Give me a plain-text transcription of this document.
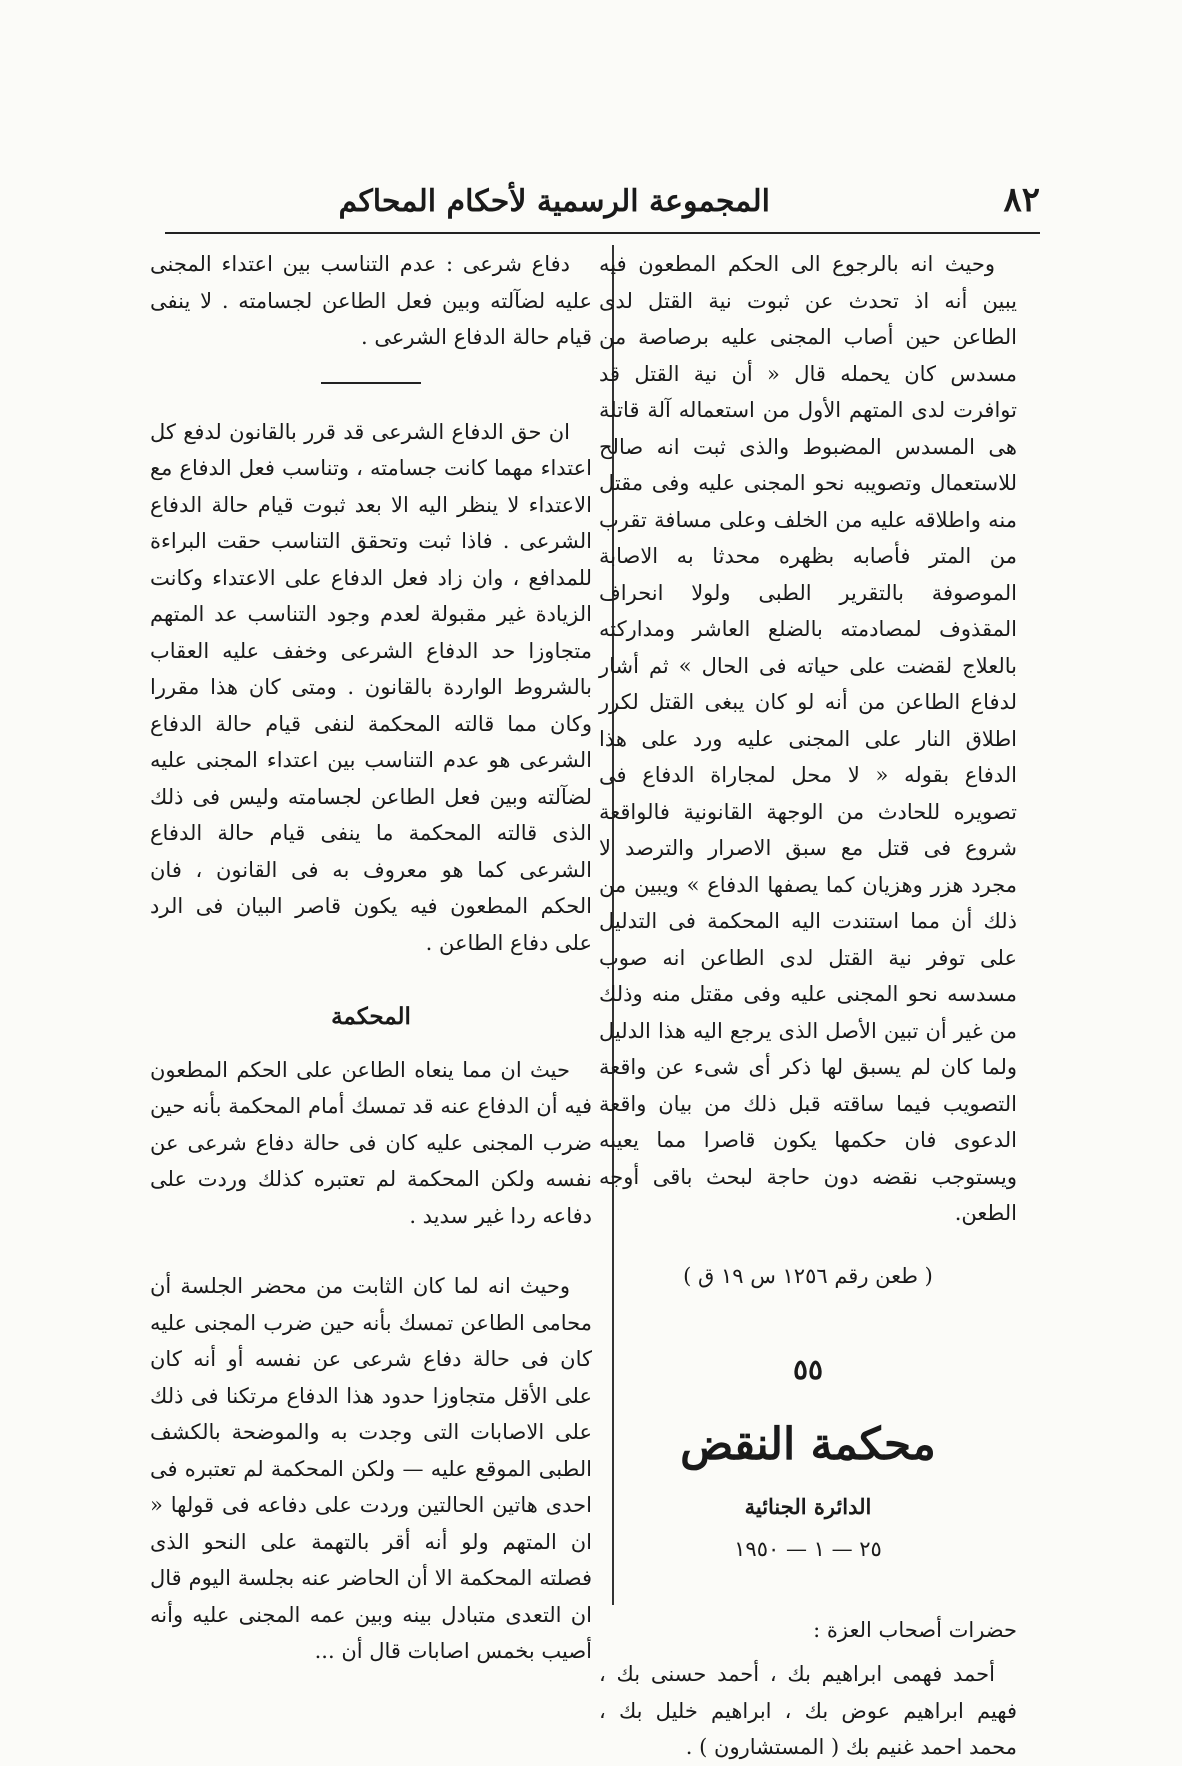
٨٢
المجموعة الرسمية لأحكام المحاكم

وحيث انه بالرجوع الى الحكم المطعون فيه يبين أنه اذ تحدث عن ثبوت نية القتل لدى الطاعن حين أصاب المجنى عليه برصاصة من مسدس كان يحمله قال « أن نية القتل قد توافرت لدى المتهم الأول من استعماله آلة قاتلة هى المسدس المضبوط والذى ثبت انه صالح للاستعمال وتصويبه نحو المجنى عليه وفى مقتل منه واطلاقه عليه من الخلف وعلى مسافة تقرب من المتر فأصابه بظهره محدثا به الاصابة الموصوفة بالتقرير الطبى ولولا انحراف المقذوف لمصادمته بالضلع العاشر ومداركته بالعلاج لقضت على حياته فى الحال » ثم أشار لدفاع الطاعن من أنه لو كان يبغى القتل لكرر اطلاق النار على المجنى عليه ورد على هذا الدفاع بقوله « لا محل لمجاراة الدفاع فى تصويره للحادث من الوجهة القانونية فالواقعة شروع فى قتل مع سبق الاصرار والترصد لا مجرد هزر وهزيان كما يصفها الدفاع » ويبين من ذلك أن مما استندت اليه المحكمة فى التدليل على توفر نية القتل لدى الطاعن انه صوب مسدسه نحو المجنى عليه وفى مقتل منه وذلك من غير أن تبين الأصل الذى يرجع اليه هذا الدليل ولما كان لم يسبق لها ذكر أى شىء عن واقعة التصويب فيما ساقته قبل ذلك من بيان واقعة الدعوى فان حكمها يكون قاصرا مما يعيبه ويستوجب نقضه دون حاجة لبحث باقى أوجه الطعن.

( طعن رقم ١٢٥٦ س ١٩ ق )
٥٥
محكمة النقض
الدائرة الجنائية
٢٥ — ١ — ١٩٥٠
حضرات أصحاب العزة :

أحمد فهمى ابراهيم بك ، أحمد حسنى بك ، فهيم ابراهيم عوض بك ، ابراهيم خليل بك ، محمد احمد غنيم بك ( المستشارون ) .

دفاع شرعى : عدم التناسب بين اعتداء المجنى عليه لضآلته وبين فعل الطاعن لجسامته . لا ينفى قيام حالة الدفاع الشرعى .

ان حق الدفاع الشرعى قد قرر بالقانون لدفع كل اعتداء مهما كانت جسامته ، وتناسب فعل الدفاع مع الاعتداء لا ينظر اليه الا بعد ثبوت قيام حالة الدفاع الشرعى . فاذا ثبت وتحقق التناسب حقت البراءة للمدافع ، وان زاد فعل الدفاع على الاعتداء وكانت الزيادة غير مقبولة لعدم وجود التناسب عد المتهم متجاوزا حد الدفاع الشرعى وخفف عليه العقاب بالشروط الواردة بالقانون . ومتى كان هذا مقررا وكان مما قالته المحكمة لنفى قيام حالة الدفاع الشرعى هو عدم التناسب بين اعتداء المجنى عليه لضآلته وبين فعل الطاعن لجسامته وليس فى ذلك الذى قالته المحكمة ما ينفى قيام حالة الدفاع الشرعى كما هو معروف به فى القانون ، فان الحكم المطعون فيه يكون قاصر البيان فى الرد على دفاع الطاعن .

المحكمة

حيث ان مما ينعاه الطاعن على الحكم المطعون فيه أن الدفاع عنه قد تمسك أمام المحكمة بأنه حين ضرب المجنى عليه كان فى حالة دفاع شرعى عن نفسه ولكن المحكمة لم تعتبره كذلك وردت على دفاعه ردا غير سديد .

وحيث انه لما كان الثابت من محضر الجلسة أن محامى الطاعن تمسك بأنه حين ضرب المجنى عليه كان فى حالة دفاع شرعى عن نفسه أو أنه كان على الأقل متجاوزا حدود هذا الدفاع مرتكنا فى ذلك على الاصابات التى وجدت به والموضحة بالكشف الطبى الموقع عليه — ولكن المحكمة لم تعتبره فى احدى هاتين الحالتين وردت على دفاعه فى قولها « ان المتهم ولو أنه أقر بالتهمة على النحو الذى فصلته المحكمة الا أن الحاضر عنه بجلسة اليوم قال ان التعدى متبادل بينه وبين عمه المجنى عليه وأنه أصيب بخمس اصابات قال أن ...
